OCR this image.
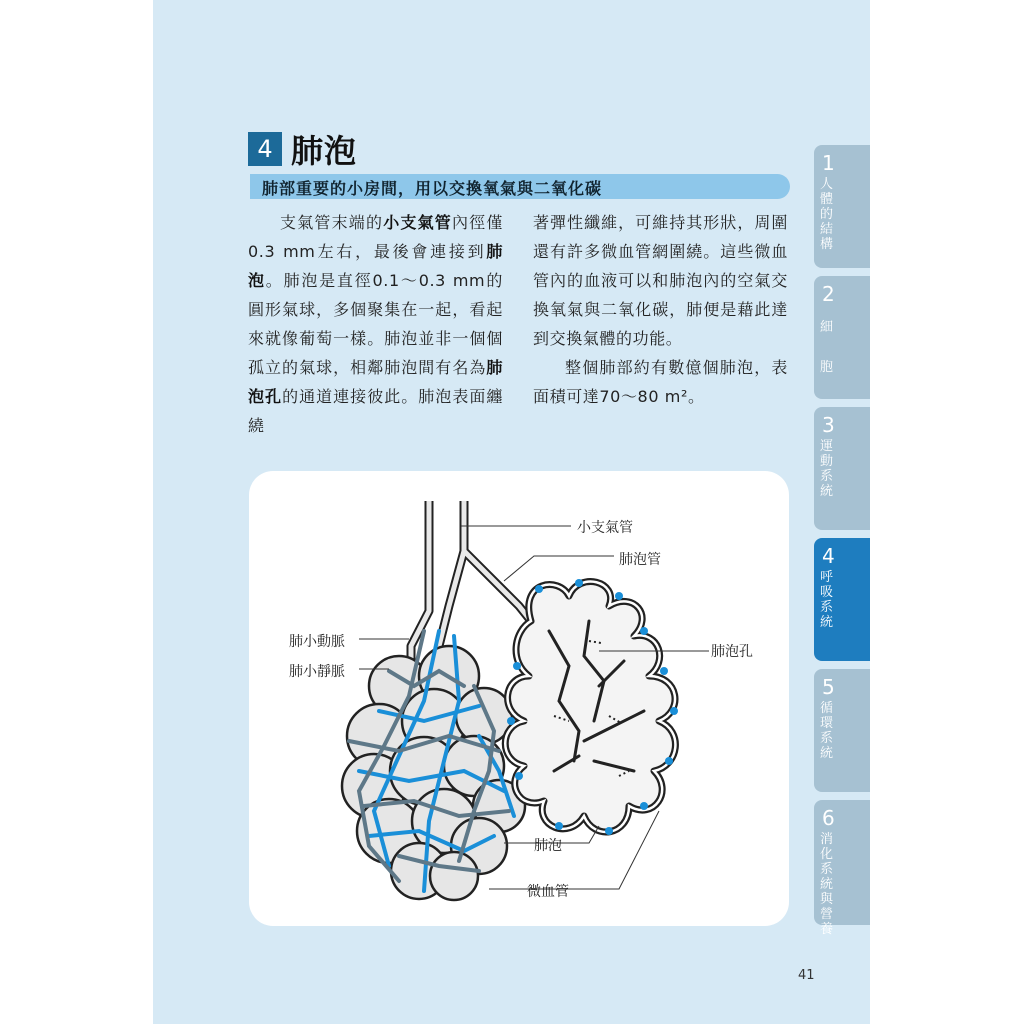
4 肺泡
肺部重要的小房間，用以交換氧氣與二氧化碳

支氣管末端的小支氣管內徑僅0.3 mm左右，最後會連接到肺泡。肺泡是直徑0.1～0.3 mm的圓形氣球，多個聚集在一起，看起來就像葡萄一樣。肺泡並非一個個孤立的氣球，相鄰肺泡間有名為肺泡孔的通道連接彼此。肺泡表面纏繞

著彈性纖維，可維持其形狀，周圍還有許多微血管網圍繞。這些微血管內的血液可以和肺泡內的空氣交換氧氣與二氧化碳，肺便是藉此達到交換氣體的功能。

整個肺部約有數億個肺泡，表面積可達70～80 m²。

小支氣管
肺泡管
肺小動脈
肺小靜脈
肺泡孔
肺泡
微血管
1
人體的結構
2
細胞
3
運動系統
4
呼吸系統
5
循環系統
6
消化系統與營養
41
